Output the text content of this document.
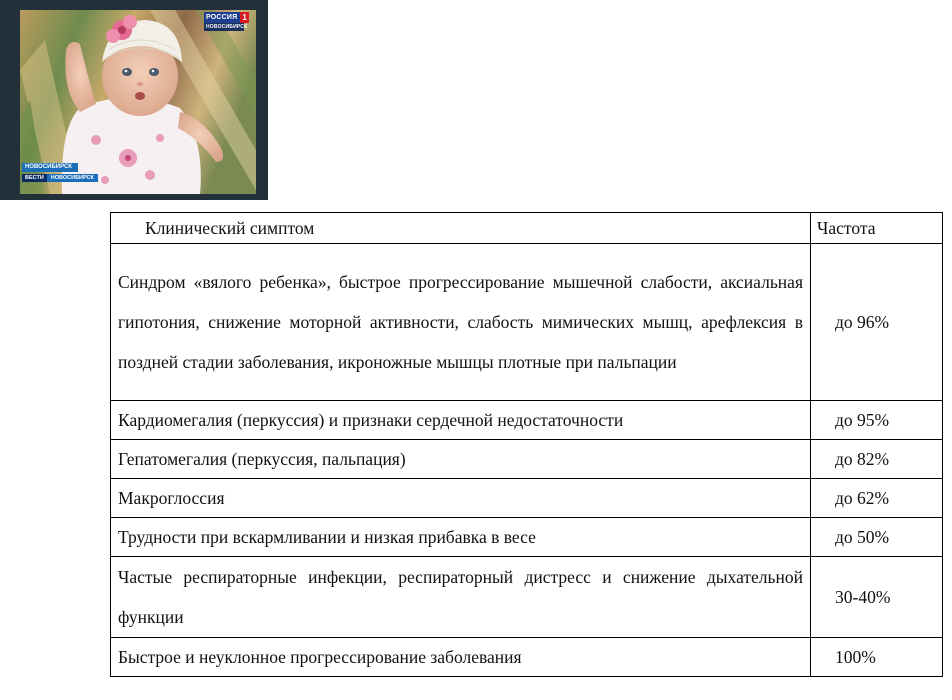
РОССИЯ 1
НОВОСИБИРСК
НОВОСИБИРСК
ВЕСТИ	НОВОСИБИРСК
Клинический симптом	Частота
Синдром «вялого ребенка», быстрое прогрессирование мышечной слабости, аксиальная гипотония, снижение моторной активности, слабость мимических мышц, арефлексия в поздней стадии заболевания, икроножные мышцы плотные при пальпации	до 96%
Кардиомегалия (перкуссия) и признаки сердечной недостаточности	до 95%
Гепатомегалия (перкуссия, пальпация)	до 82%
Макроглоссия	до 62%
Трудности при вскармливании и низкая прибавка в весе	до 50%
Частые респираторные инфекции, респираторный дистресс и снижение дыхательной функции	30-40%
Быстрое и неуклонное прогрессирование заболевания	100%
